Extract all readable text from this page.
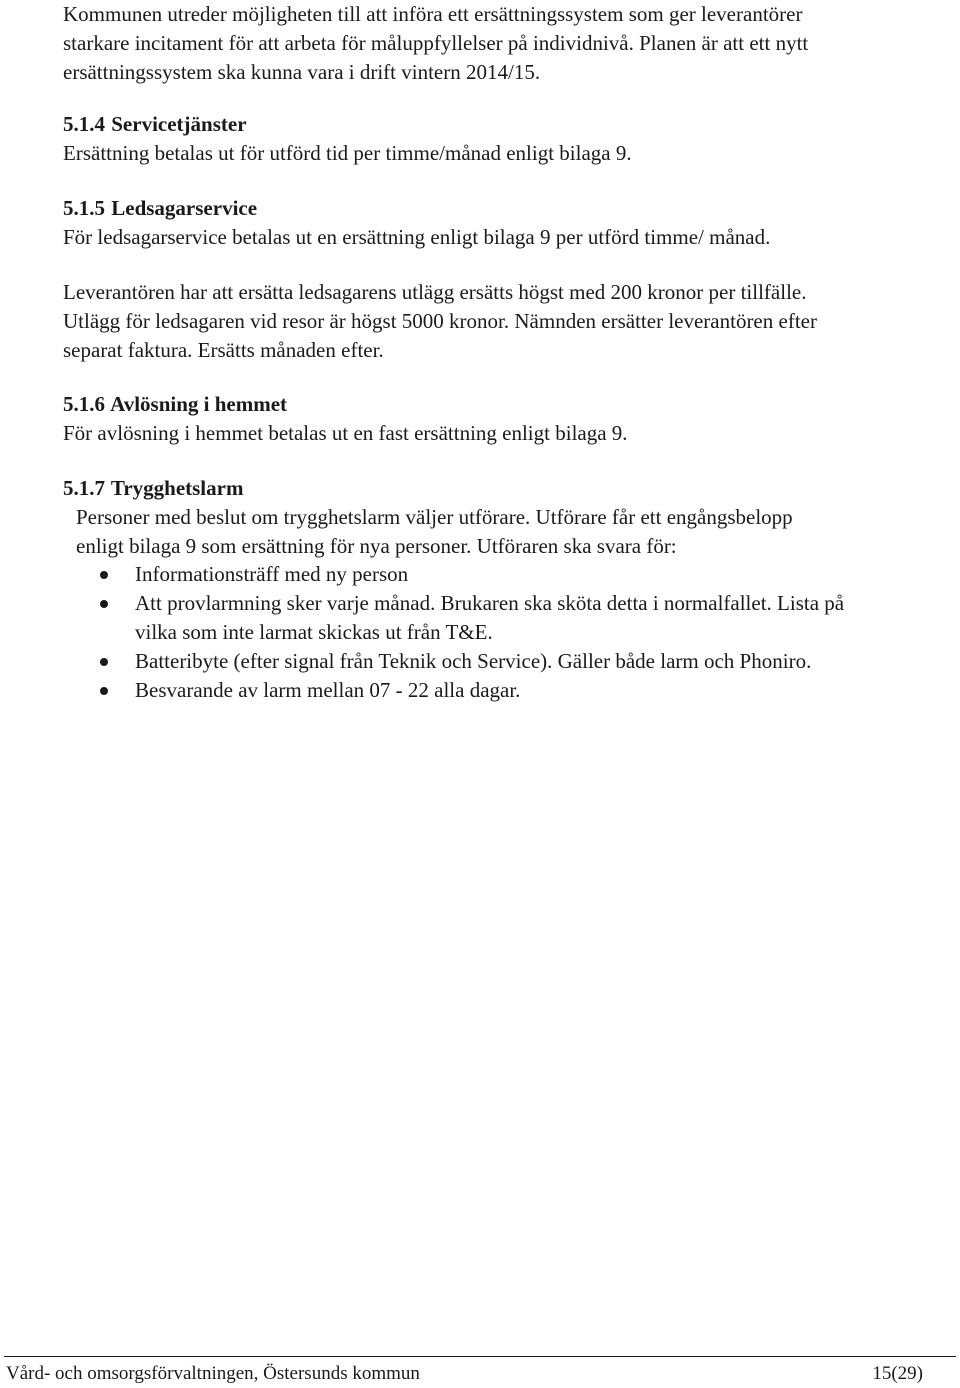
Kommunen utreder möjligheten till att införa ett ersättningssystem som ger leverantörer
starkare incitament för att arbeta för måluppfyllelser på individnivå. Planen är att ett nytt
ersättningssystem ska kunna vara i drift vintern 2014/15.

5.1.4 Servicetjänster

Ersättning betalas ut för utförd tid per timme/månad enligt bilaga 9.

5.1.5 Ledsagarservice

För ledsagarservice betalas ut en ersättning enligt bilaga 9 per utförd timme/ månad.

Leverantören har att ersätta ledsagarens utlägg ersätts högst med 200 kronor per tillfälle.
Utlägg för ledsagaren vid resor är högst 5000 kronor. Nämnden ersätter leverantören efter
separat faktura. Ersätts månaden efter.

5.1.6 Avlösning i hemmet

För avlösning i hemmet betalas ut en fast ersättning enligt bilaga 9.

5.1.7 Trygghetslarm

Personer med beslut om trygghetslarm väljer utförare. Utförare får ett engångsbelopp
enligt bilaga 9 som ersättning för nya personer. Utföraren ska svara för:

Informationsträff med ny person
Att provlarmning sker varje månad. Brukaren ska sköta detta i normalfallet. Lista på
vilka som inte larmat skickas ut från T&E.
Batteribyte (efter signal från Teknik och Service). Gäller både larm och Phoniro.
Besvarande av larm mellan 07 - 22 alla dagar.
Vård- och omsorgsförvaltningen, Östersunds kommun	15(29)
